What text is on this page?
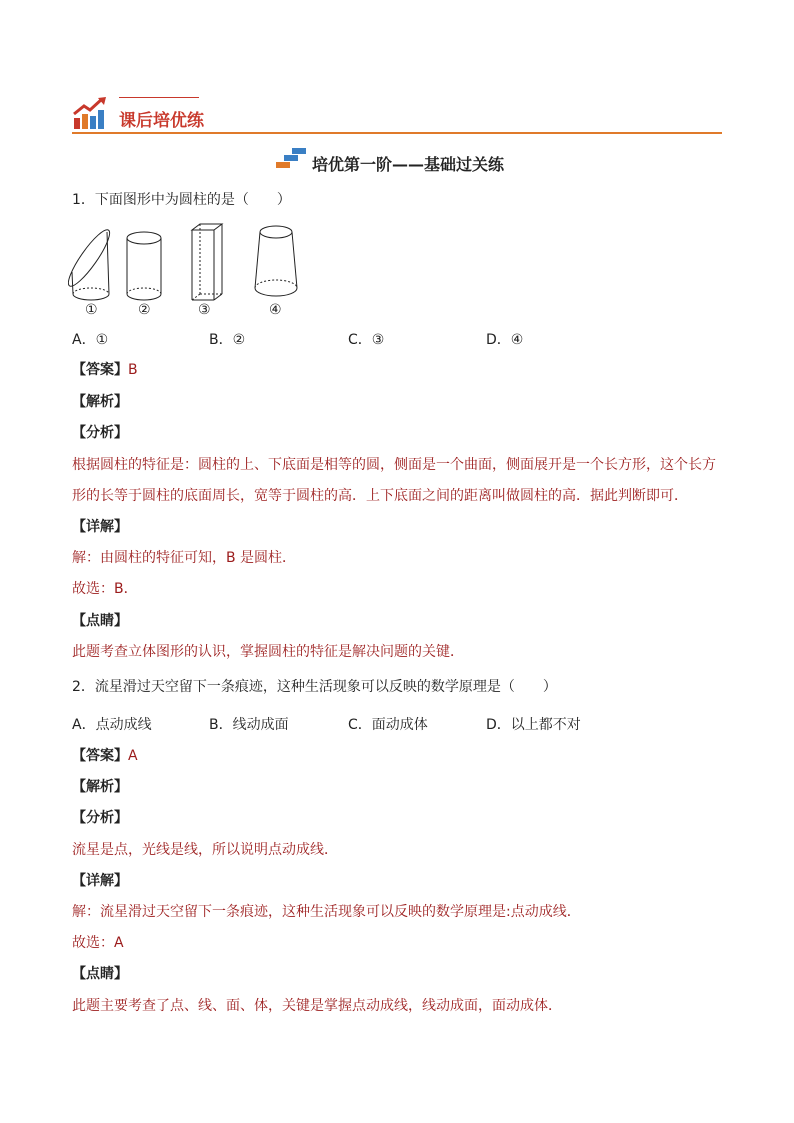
课后培优练
培优第一阶——基础过关练
1．下面图形中为圆柱的是（　　）
①	②	③	④
A．①	B．②	C．③	D．④
【答案】B
【解析】
【分析】
根据圆柱的特征是：圆柱的上、下底面是相等的圆，侧面是一个曲面，侧面展开是一个长方形，这个长方
形的长等于圆柱的底面周长，宽等于圆柱的高．上下底面之间的距离叫做圆柱的高．据此判断即可．
【详解】
解：由圆柱的特征可知，B 是圆柱．
故选：B．
【点睛】
此题考查立体图形的认识，掌握圆柱的特征是解决问题的关键．
2．流星滑过天空留下一条痕迹，这种生活现象可以反映的数学原理是（　　）
A．点动成线	B．线动成面	C．面动成体	D．以上都不对
【答案】A
【解析】
【分析】
流星是点，光线是线，所以说明点动成线．
【详解】
解：流星滑过天空留下一条痕迹，这种生活现象可以反映的数学原理是:点动成线．
故选：A
【点睛】
此题主要考查了点、线、面、体，关键是掌握点动成线，线动成面，面动成体．
